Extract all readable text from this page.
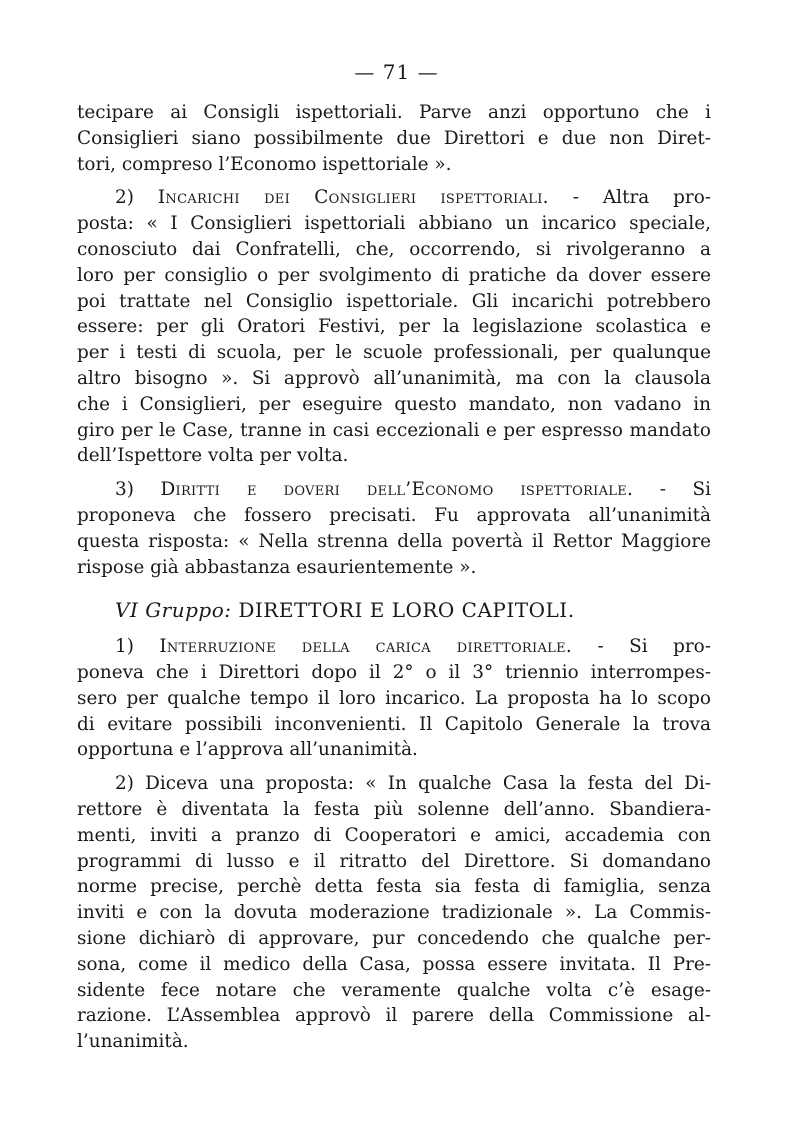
— 71 —
tecipare ai Consigli ispettoriali. Parve anzi opportuno che i
Consiglieri siano possibilmente due Direttori e due non Diret-
tori, compreso l’Economo ispettoriale ».
2) Incarichi dei Consiglieri ispettoriali. - Altra pro-
posta: « I Consiglieri ispettoriali abbiano un incarico speciale,
conosciuto dai Confratelli, che, occorrendo, si rivolgeranno a
loro per consiglio o per svolgimento di pratiche da dover essere
poi trattate nel Consiglio ispettoriale. Gli incarichi potrebbero
essere: per gli Oratori Festivi, per la legislazione scolastica e
per i testi di scuola, per le scuole professionali, per qualunque
altro bisogno ». Si approvò all’unanimità, ma con la clausola
che i Consiglieri, per eseguire questo mandato, non vadano in
giro per le Case, tranne in casi eccezionali e per espresso mandato
dell’Ispettore volta per volta.
3) Diritti e doveri dell’Economo ispettoriale. - Si
proponeva che fossero precisati. Fu approvata all’unanimità
questa risposta: « Nella strenna della povertà il Rettor Maggiore
rispose già abbastanza esaurientemente ».
VI Gruppo: DIRETTORI E LORO CAPITOLI.
1) Interruzione della carica direttoriale. - Si pro-
poneva che i Direttori dopo il 2° o il 3° triennio interrompes-
sero per qualche tempo il loro incarico. La proposta ha lo scopo
di evitare possibili inconvenienti. Il Capitolo Generale la trova
opportuna e l’approva all’unanimità.
2) Diceva una proposta: « In qualche Casa la festa del Di-
rettore è diventata la festa più solenne dell’anno. Sbandiera-
menti, inviti a pranzo di Cooperatori e amici, accademia con
programmi di lusso e il ritratto del Direttore. Si domandano
norme precise, perchè detta festa sia festa di famiglia, senza
inviti e con la dovuta moderazione tradizionale ». La Commis-
sione dichiarò di approvare, pur concedendo che qualche per-
sona, come il medico della Casa, possa essere invitata. Il Pre-
sidente fece notare che veramente qualche volta c’è esage-
razione. L’Assemblea approvò il parere della Commissione al-
l’unanimità.
